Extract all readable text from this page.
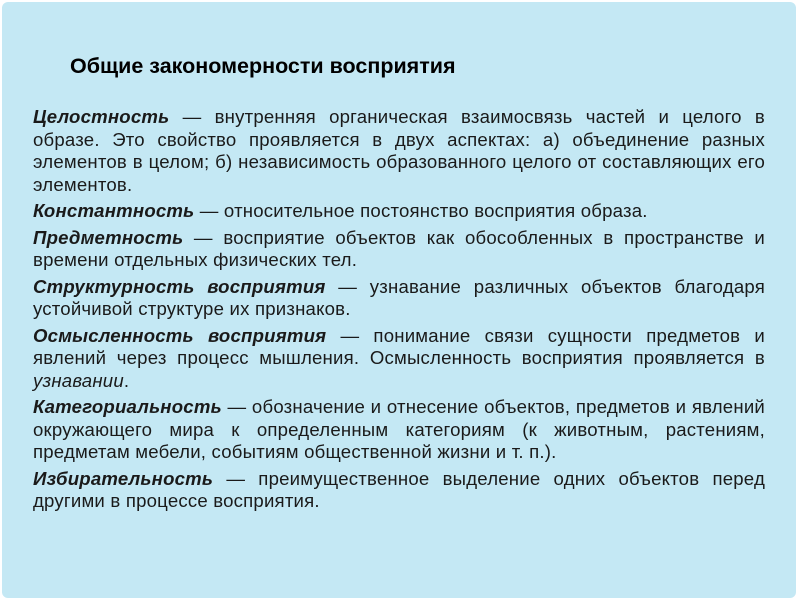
Общие закономерности восприятия

Целостность — внутренняя органическая взаимосвязь частей и целого в образе. Это свойство проявляется в двух аспектах: а) объединение разных элементов в целом; б) независимость образованного целого от составляющих его элементов.

Константность — относительное постоянство восприятия образа.

Предметность — восприятие объектов как обособленных в пространстве и времени отдельных физических тел.

Структурность восприятия — узнавание различных объектов благодаря устойчивой структуре их признаков.

Осмысленность восприятия — понимание связи сущности предметов и явлений через процесс мышления. Осмысленность восприятия проявляется в узнавании.

Категориальность — обозначение и отнесение объектов, предметов и явлений окружающего мира к определенным категориям (к животным, растениям, предметам мебели, событиям общественной жизни и т. п.).

Избирательность — преимущественное выделение одних объектов перед другими в процессе восприятия.
